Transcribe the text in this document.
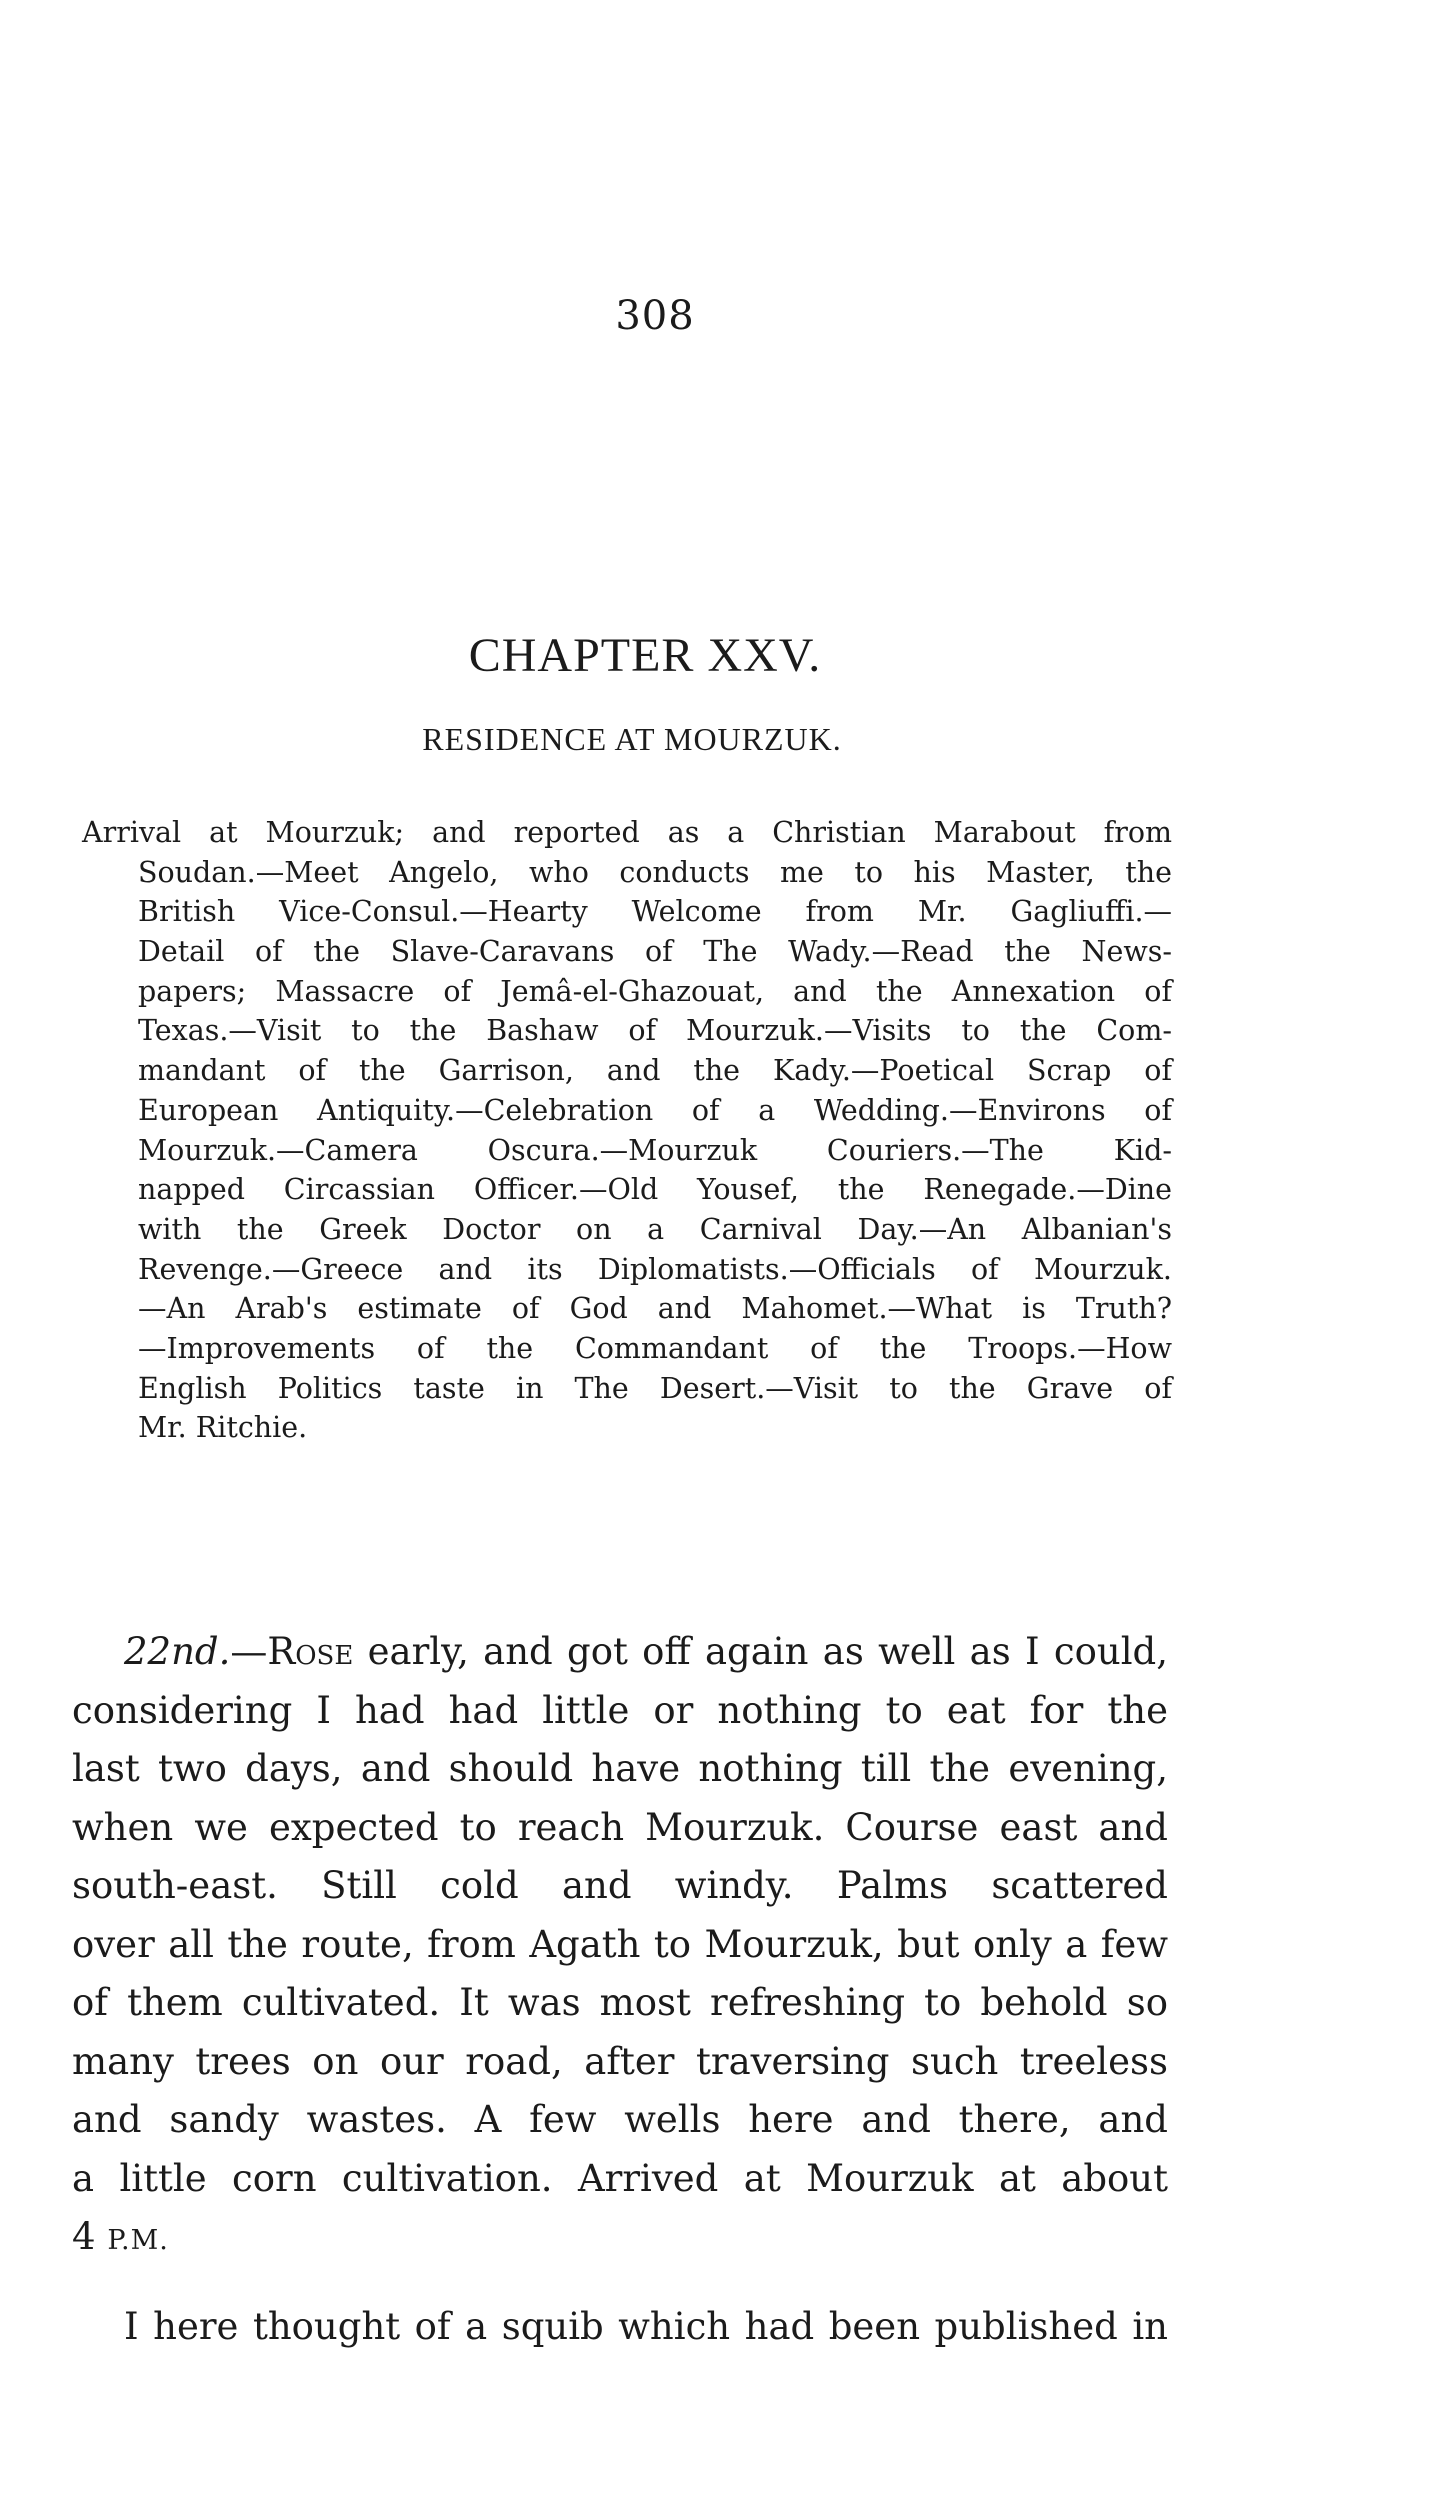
308
CHAPTER XXV.
RESIDENCE AT MOURZUK.
Arrival at Mourzuk; and reported as a Christian Marabout from
Soudan.—Meet Angelo, who conducts me to his Master, the
British Vice-Consul.—Hearty Welcome from Mr. Gagliuffi.—
Detail of the Slave-Caravans of The Wady.—Read the News-
papers; Massacre of Jemâ-el-Ghazouat, and the Annexation of
Texas.—Visit to the Bashaw of Mourzuk.—Visits to the Com-
mandant of the Garrison, and the Kady.—Poetical Scrap of
European Antiquity.—Celebration of a Wedding.—Environs of
Mourzuk.—Camera Oscura.—Mourzuk Couriers.—The Kid-
napped Circassian Officer.—Old Yousef, the Renegade.—Dine
with the Greek Doctor on a Carnival Day.—An Albanian's
Revenge.—Greece and its Diplomatists.—Officials of Mourzuk.
—An Arab's estimate of God and Mahomet.—What is Truth?
—Improvements of the Commandant of the Troops.—How
English Politics taste in The Desert.—Visit to the Grave of
Mr. Ritchie.
22nd.—Rose early, and got off again as well as I could,
considering I had had little or nothing to eat for the
last two days, and should have nothing till the evening,
when we expected to reach Mourzuk. Course east and
south-east. Still cold and windy. Palms scattered
over all the route, from Agath to Mourzuk, but only a few
of them cultivated. It was most refreshing to behold so
many trees on our road, after traversing such treeless
and sandy wastes. A few wells here and there, and
a little corn cultivation. Arrived at Mourzuk at about
4 P.M.
I here thought of a squib which had been published in
